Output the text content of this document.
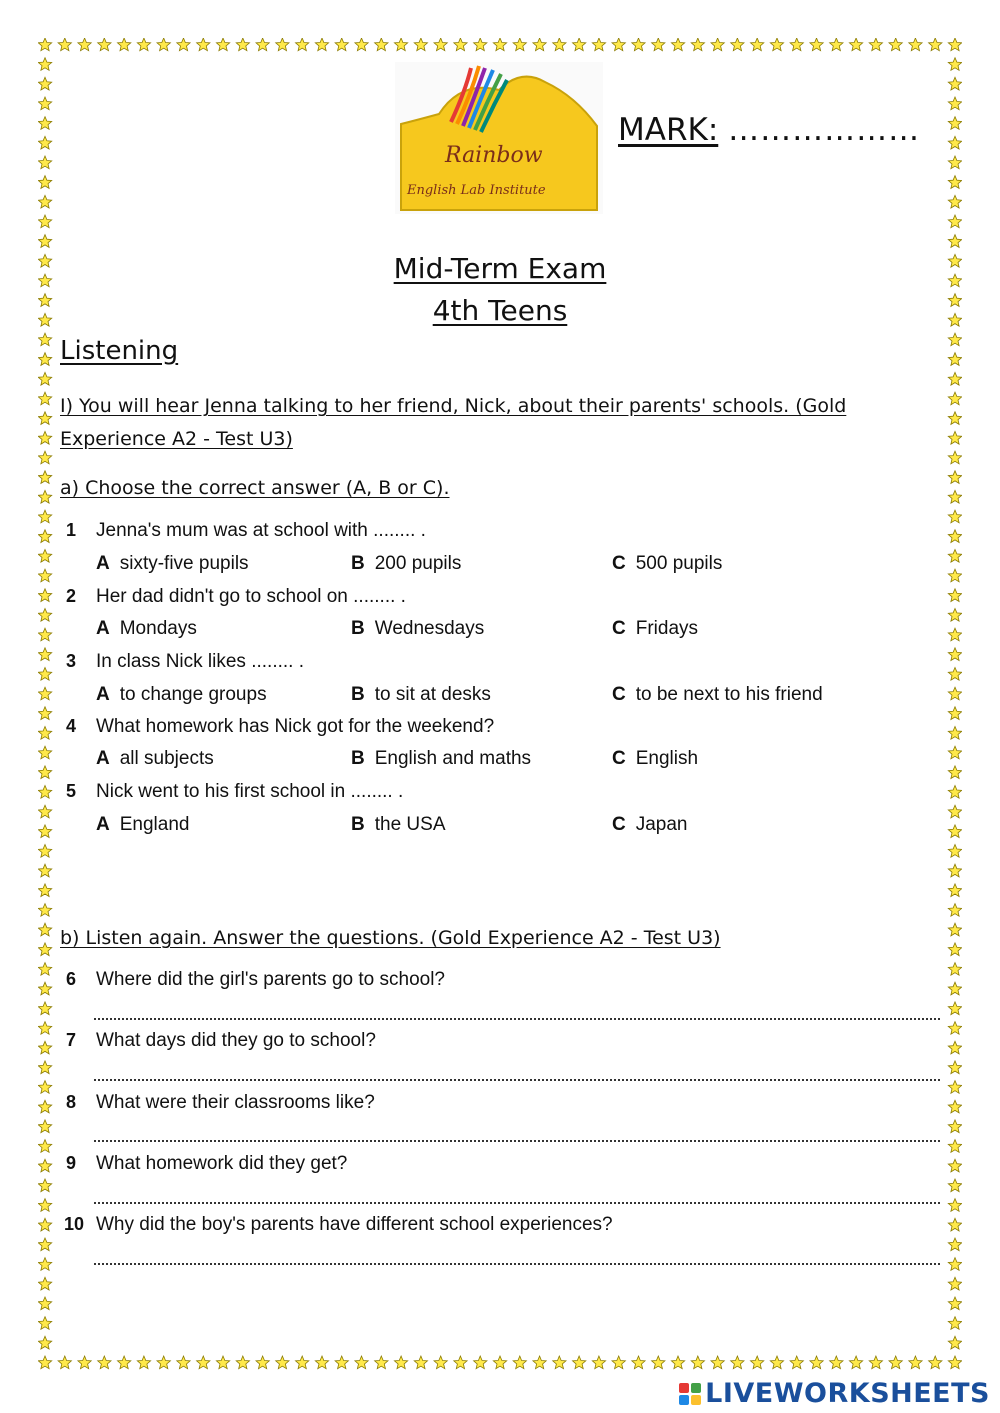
Rainbow
English Lab Institute
MARK: ………………
Mid-Term Exam
4th Teens
Listening
I) You will hear Jenna talking to her friend, Nick, about their parents' schools. (Gold Experience A2 - Test U3)
a) Choose the correct answer (A, B or C).
1 Jenna's mum was at school with ........ .
A sixty-five pupils	B 200 pupils	C 500 pupils
2 Her dad didn't go to school on ........ .
A Mondays	B Wednesdays	C Fridays
3 In class Nick likes ........ .
A to change groups	B to sit at desks	C to be next to his friend
4 What homework has Nick got for the weekend?
A all subjects	B English and maths	C English
5 Nick went to his first school in ........ .
A England	B the USA	C Japan
b) Listen again. Answer the questions. (Gold Experience A2 - Test U3)
6 Where did the girl's parents go to school?
7 What days did they go to school?
8 What were their classrooms like?
9 What homework did they get?
10 Why did the boy's parents have different school experiences?
LIVEWORKSHEETS
